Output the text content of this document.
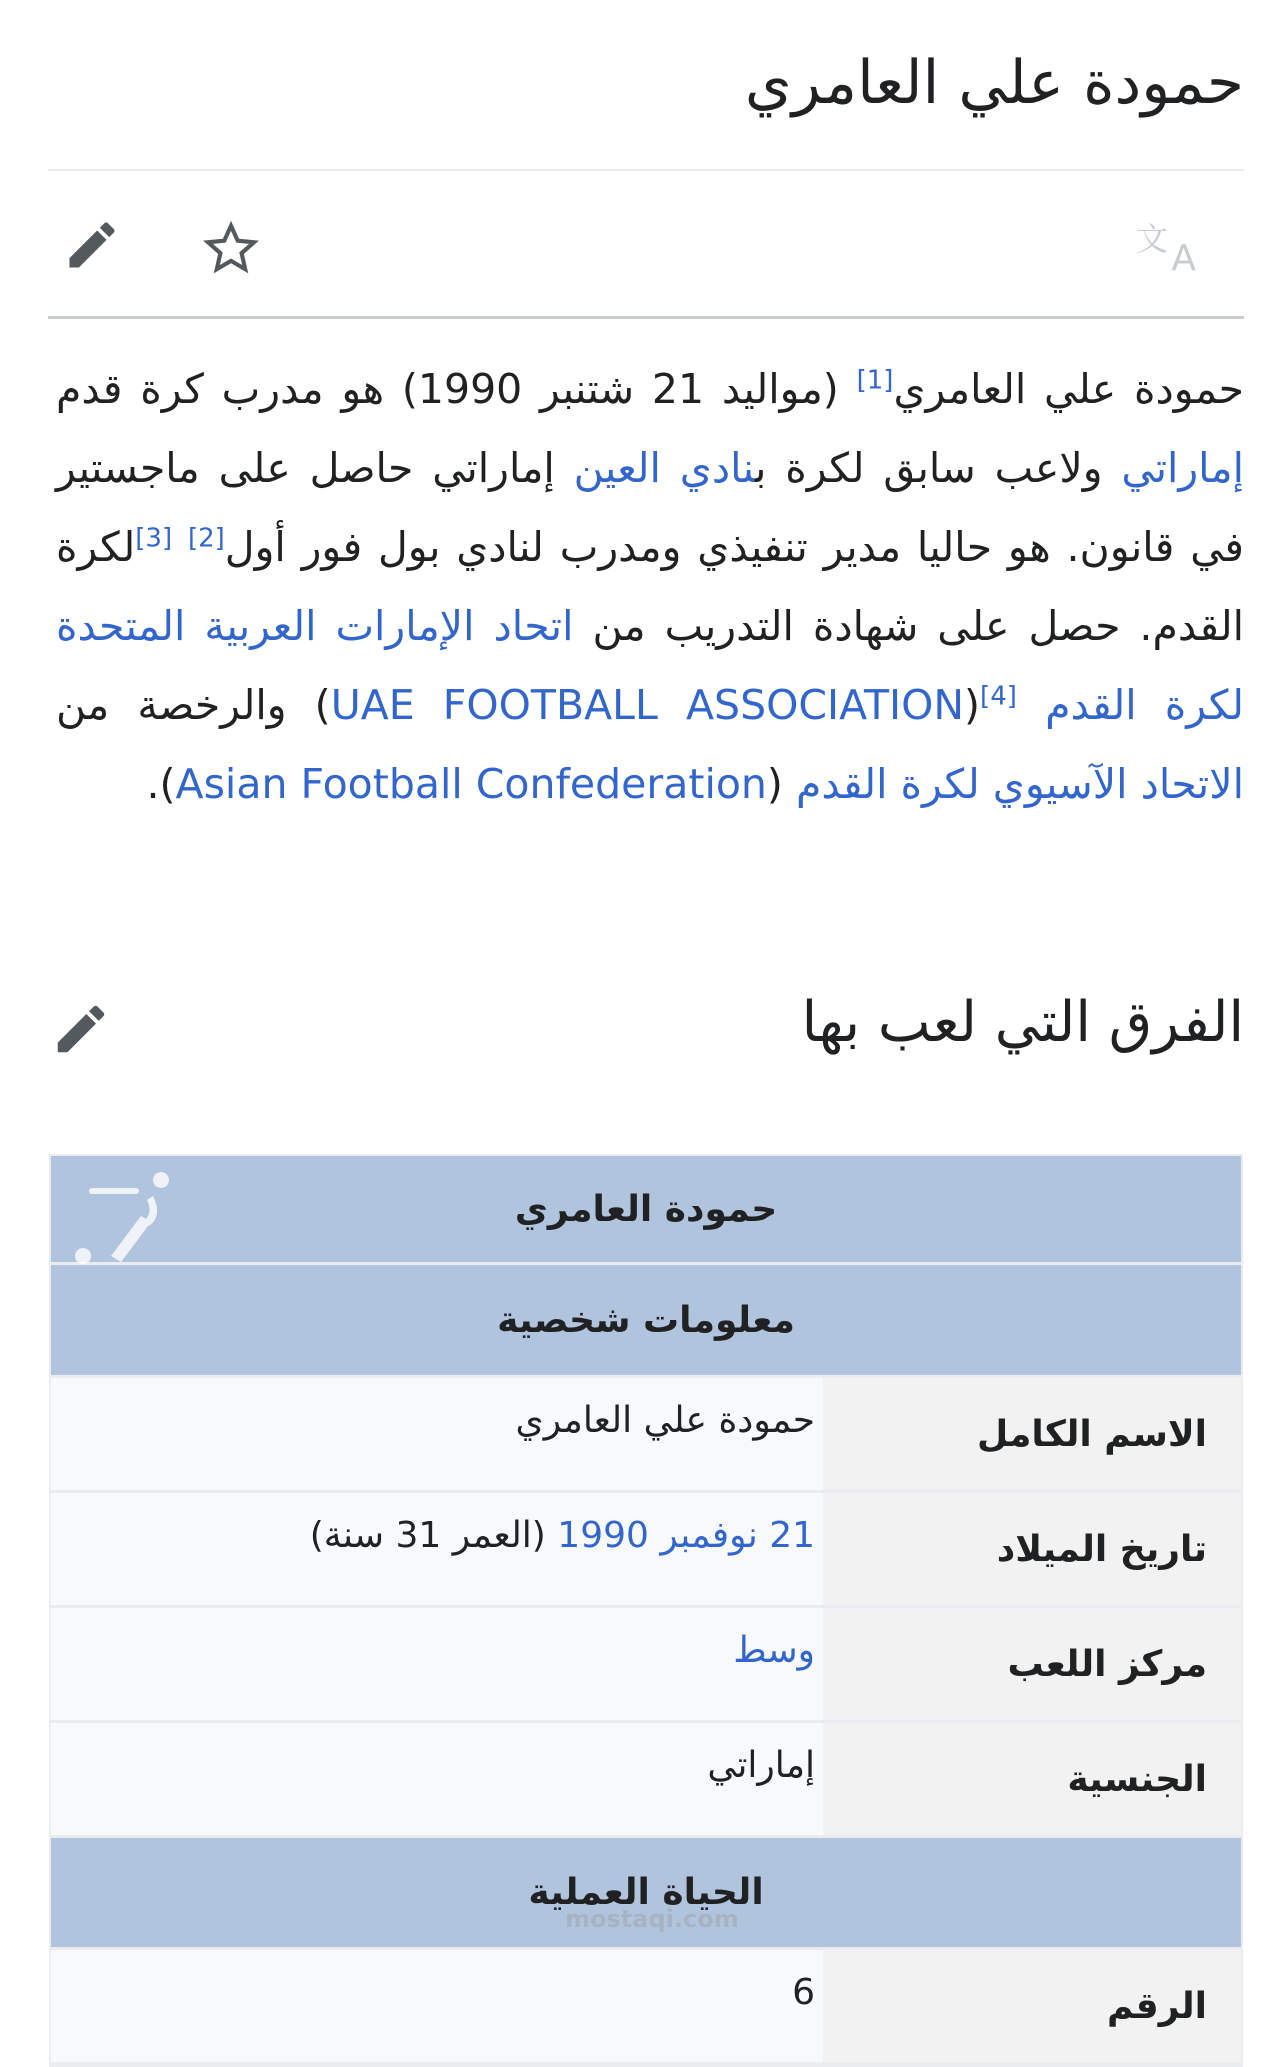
حمودة علي العامري
文 A
حمودة علي العامري[1] (مواليد 21 شتنبر 1990) هو مدرب كرة قدم إماراتي ولاعب سابق لكرة بنادي العين إماراتي حاصل على ماجستير في قانون. هو حاليا مدير تنفيذي ومدرب لنادي بول فور أول[2] [3]لكرة القدم. حصل على شهادة التدريب من اتحاد الإمارات العربية المتحدة لكرة القدم [4](UAE FOOTBALL ASSOCIATION) والرخصة من الاتحاد الآسيوي لكرة القدم (Asian Football Confederation).
الفرق التي لعب بها
حمودة العامري
معلومات شخصية
الاسم الكامل
حمودة علي العامري
تاريخ الميلاد
21 نوفمبر 1990 (العمر 31 سنة)
مركز اللعب
وسط
الجنسية
إماراتي
الحياة العملية
الرقم
6
mostaqi.com
